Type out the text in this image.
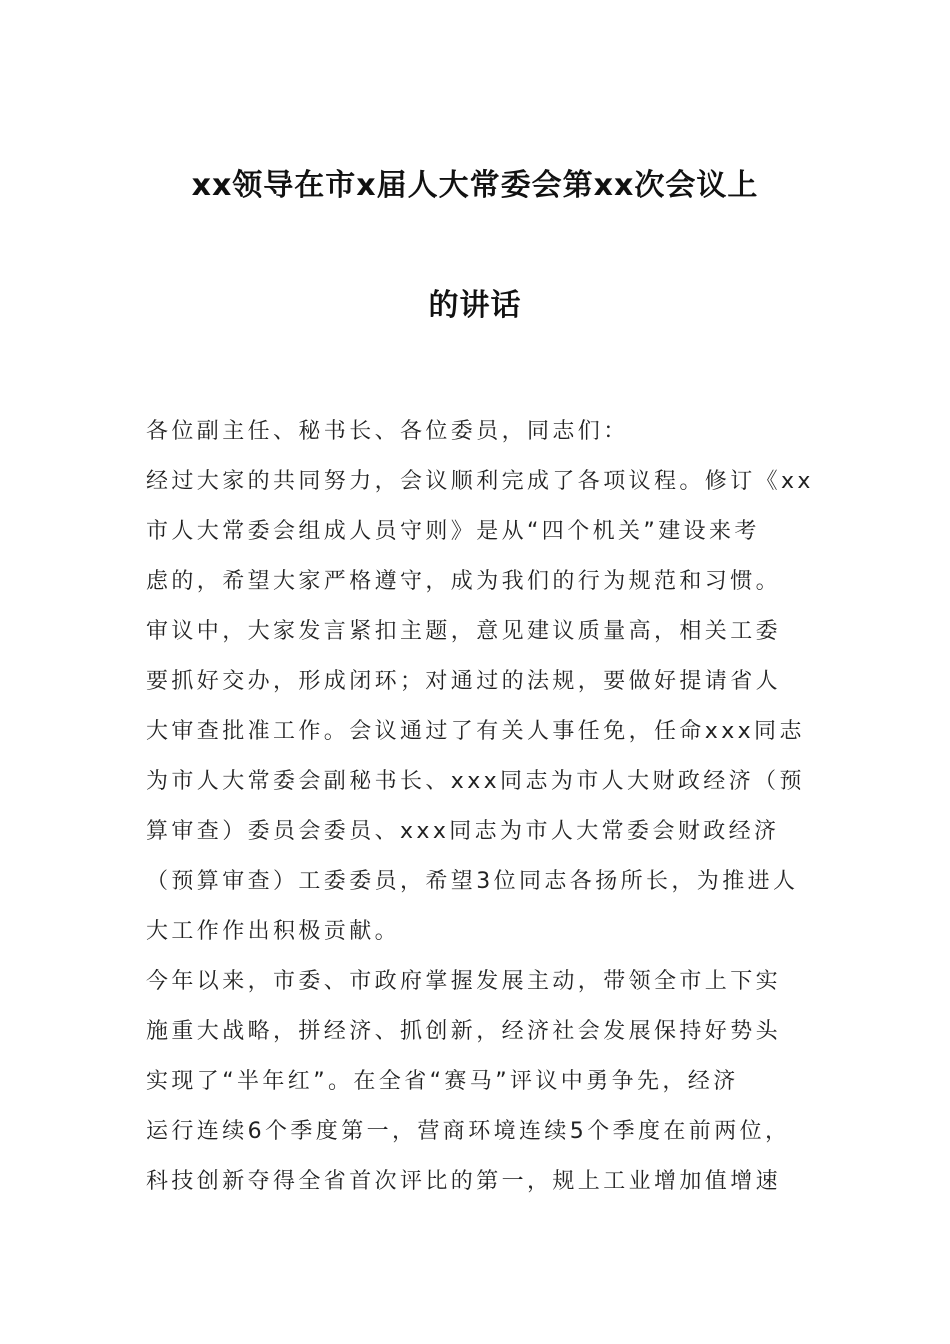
xx领导在市x届人大常委会第xx次会议上
的讲话
各位副主任、秘书长、各位委员，同志们：
经过大家的共同努力，会议顺利完成了各项议程。修订《xx
市人大常委会组成人员守则》是从“四个机关”建设来考
虑的，希望大家严格遵守，成为我们的行为规范和习惯。
审议中，大家发言紧扣主题，意见建议质量高，相关工委
要抓好交办，形成闭环；对通过的法规，要做好提请省人
大审查批准工作。会议通过了有关人事任免，任命xxx同志
为市人大常委会副秘书长、xxx同志为市人大财政经济（预
算审查）委员会委员、xxx同志为市人大常委会财政经济
（预算审查）工委委员，希望3位同志各扬所长，为推进人
大工作作出积极贡献。
今年以来，市委、市政府掌握发展主动，带领全市上下实
施重大战略，拼经济、抓创新，经济社会发展保持好势头
实现了“半年红”。在全省“赛马”评议中勇争先，经济
运行连续6个季度第一，营商环境连续5个季度在前两位，
科技创新夺得全省首次评比的第一，规上工业增加值增速
